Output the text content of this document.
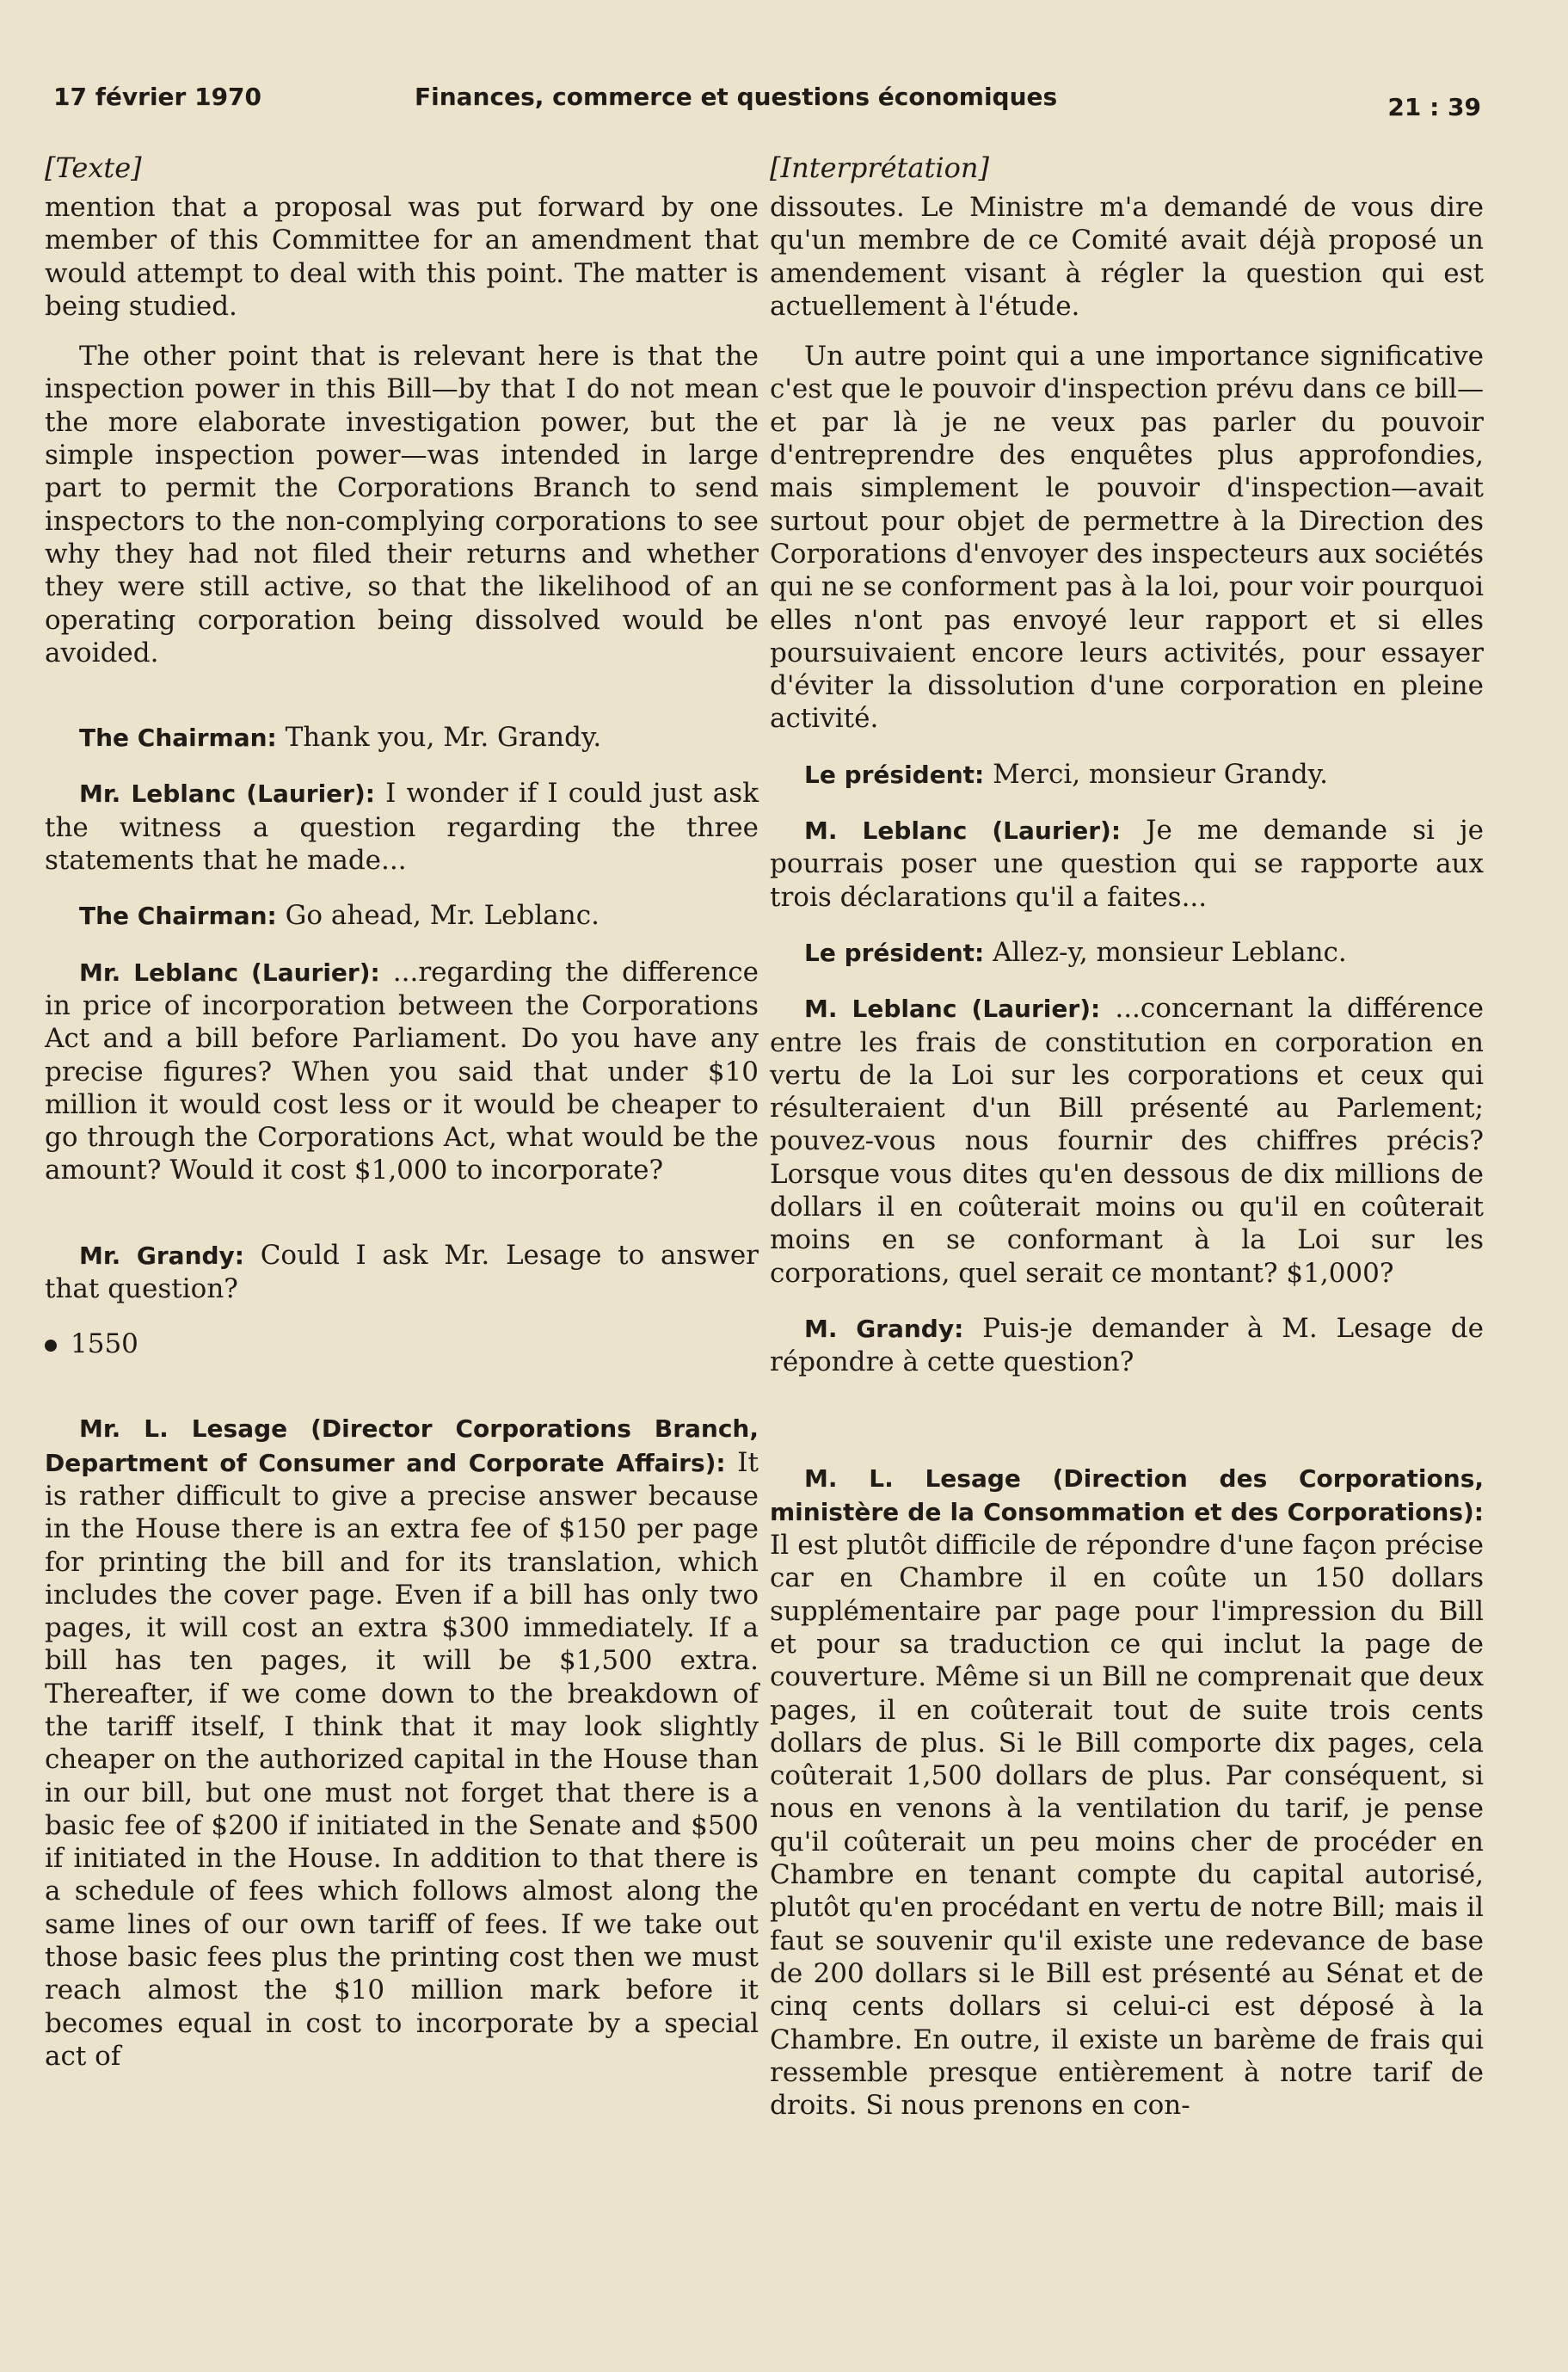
17 février 1970	Finances, commerce et questions économiques	21 : 39
[Texte]

mention that a proposal was put forward by one member of this Committee for an amendment that would attempt to deal with this point. The matter is being studied.

The other point that is relevant here is that the inspection power in this Bill—by that I do not mean the more elaborate investigation power, but the simple inspection power—was intended in large part to permit the Corporations Branch to send inspectors to the non-complying corporations to see why they had not filed their returns and whether they were still active, so that the likelihood of an operating corporation being dissolved would be avoided.

The Chairman: Thank you, Mr. Grandy.

Mr. Leblanc (Laurier): I wonder if I could just ask the witness a question regarding the three statements that he made...

The Chairman: Go ahead, Mr. Leblanc.

Mr. Leblanc (Laurier): ...regarding the difference in price of incorporation between the Corporations Act and a bill before Parliament. Do you have any precise figures? When you said that under $10 million it would cost less or it would be cheaper to go through the Corporations Act, what would be the amount? Would it cost $1,000 to incorporate?

Mr. Grandy: Could I ask Mr. Lesage to answer that question?

1550

Mr. L. Lesage (Director Corporations Branch, Department of Consumer and Corporate Affairs): It is rather difficult to give a precise answer because in the House there is an extra fee of $150 per page for printing the bill and for its translation, which includes the cover page. Even if a bill has only two pages, it will cost an extra $300 immediately. If a bill has ten pages, it will be $1,500 extra. Thereafter, if we come down to the breakdown of the tariff itself, I think that it may look slightly cheaper on the authorized capital in the House than in our bill, but one must not forget that there is a basic fee of $200 if initiated in the Senate and $500 if initiated in the House. In addition to that there is a schedule of fees which follows almost along the same lines of our own tariff of fees. If we take out those basic fees plus the printing cost then we must reach almost the $10 million mark before it becomes equal in cost to incorporate by a special act of

[Interprétation]

dissoutes. Le Ministre m'a demandé de vous dire qu'un membre de ce Comité avait déjà proposé un amendement visant à régler la question qui est actuellement à l'étude.

Un autre point qui a une importance significative c'est que le pouvoir d'inspection prévu dans ce bill—et par là je ne veux pas parler du pouvoir d'entreprendre des enquêtes plus approfondies, mais simplement le pouvoir d'inspection—avait surtout pour objet de permettre à la Direction des Corporations d'envoyer des inspecteurs aux sociétés qui ne se conforment pas à la loi, pour voir pourquoi elles n'ont pas envoyé leur rapport et si elles poursuivaient encore leurs activités, pour essayer d'éviter la dissolution d'une corporation en pleine activité.

Le président: Merci, monsieur Grandy.

M. Leblanc (Laurier): Je me demande si je pourrais poser une question qui se rapporte aux trois déclarations qu'il a faites...

Le président: Allez-y, monsieur Leblanc.

M. Leblanc (Laurier): ...concernant la différence entre les frais de constitution en corporation en vertu de la Loi sur les corporations et ceux qui résulteraient d'un Bill présenté au Parlement; pouvez-vous nous fournir des chiffres précis? Lorsque vous dites qu'en dessous de dix millions de dollars il en coûterait moins ou qu'il en coûterait moins en se conformant à la Loi sur les corporations, quel serait ce montant? $1,000?

M. Grandy: Puis-je demander à M. Lesage de répondre à cette question?

M. L. Lesage (Direction des Corporations, ministère de la Consommation et des Corporations): Il est plutôt difficile de répondre d'une façon précise car en Chambre il en coûte un 150 dollars supplémentaire par page pour l'impression du Bill et pour sa traduction ce qui inclut la page de couverture. Même si un Bill ne comprenait que deux pages, il en coûterait tout de suite trois cents dollars de plus. Si le Bill comporte dix pages, cela coûterait 1,500 dollars de plus. Par conséquent, si nous en venons à la ventilation du tarif, je pense qu'il coûterait un peu moins cher de procéder en Chambre en tenant compte du capital autorisé, plutôt qu'en procédant en vertu de notre Bill; mais il faut se souvenir qu'il existe une redevance de base de 200 dollars si le Bill est présenté au Sénat et de cinq cents dollars si celui-ci est déposé à la Chambre. En outre, il existe un barème de frais qui ressemble presque entièrement à notre tarif de droits. Si nous prenons en con-
